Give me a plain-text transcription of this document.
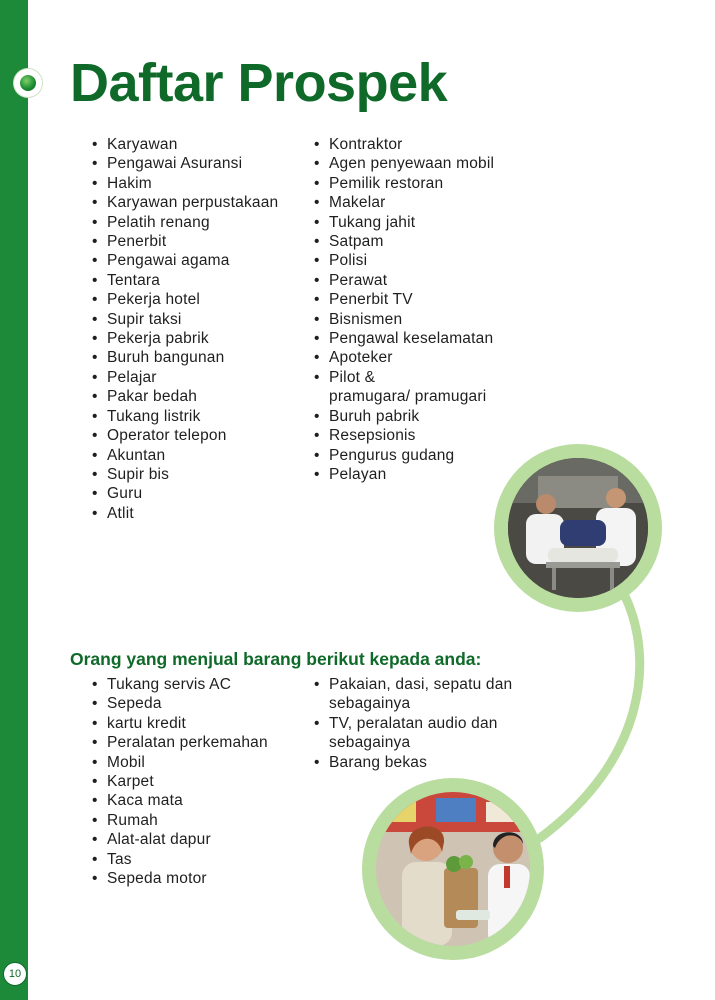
Daftar Prospek
• Karyawan
• Pengawai Asuransi
• Hakim
• Karyawan perpustakaan
• Pelatih renang
• Penerbit
• Pengawai agama
• Tentara
• Pekerja hotel
• Supir taksi
• Pekerja pabrik
• Buruh bangunan
• Pelajar
• Pakar bedah
• Tukang listrik
• Operator telepon
• Akuntan
• Supir bis
• Guru
• Atlit
• Kontraktor
• Agen penyewaan mobil
• Pemilik restoran
• Makelar
• Tukang jahit
• Satpam
• Polisi
• Perawat
• Penerbit TV
• Bisnismen
• Pengawal keselamatan
• Apoteker
• Pilot &
pramugara/ pramugari
• Buruh pabrik
• Resepsionis
• Pengurus gudang
• Pelayan
Orang yang menjual barang berikut kepada anda:
• Tukang servis AC
• Sepeda
• kartu kredit
• Peralatan perkemahan
• Mobil
• Karpet
• Kaca mata
• Rumah
• Alat-alat dapur
• Tas
• Sepeda motor
• Pakaian, dasi, sepatu dan
sebagainya
• TV, peralatan audio dan
sebagainya
• Barang bekas
10
